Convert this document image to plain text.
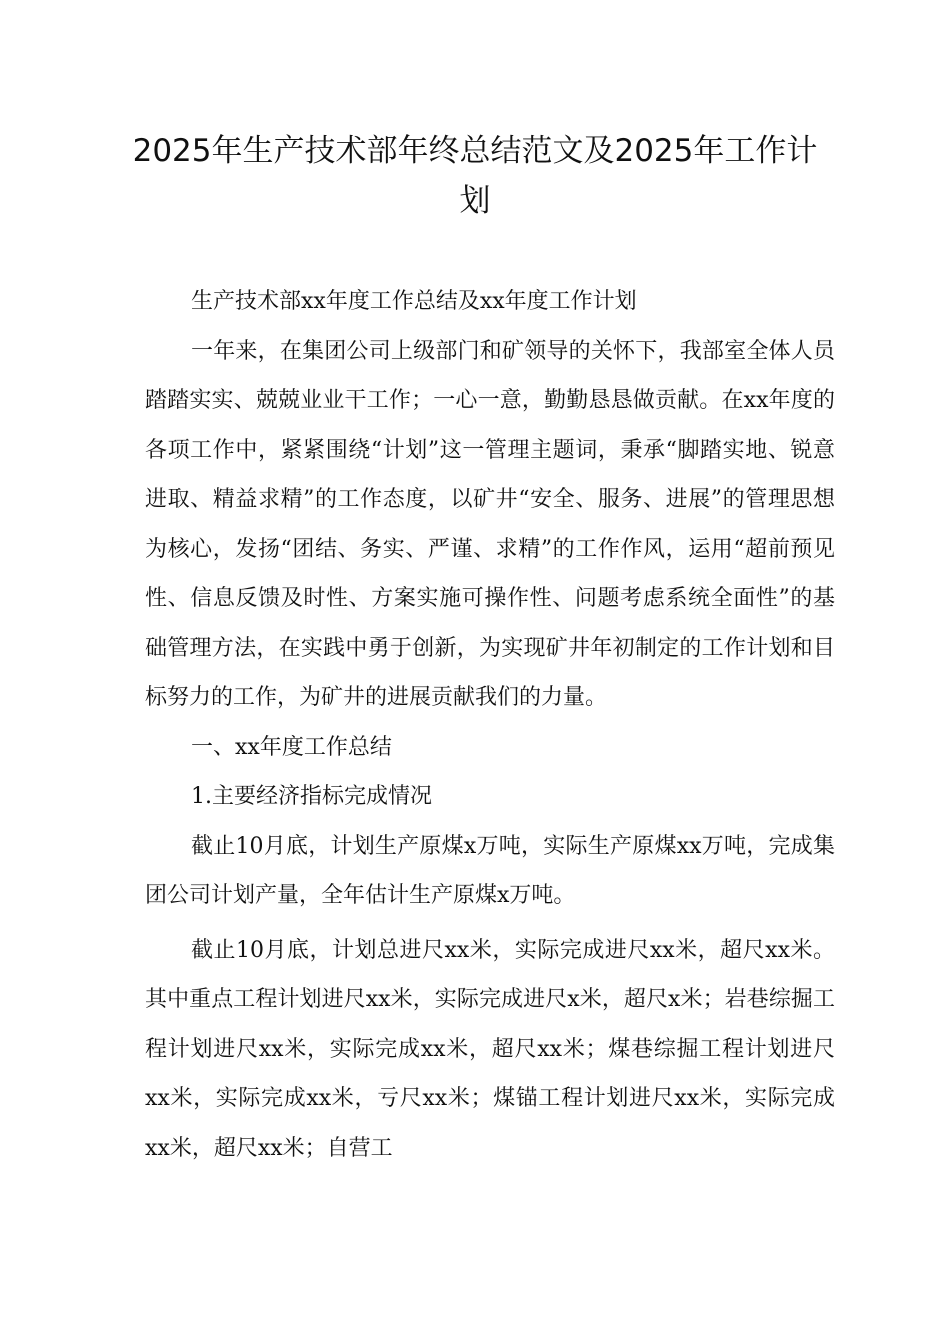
2025年生产技术部年终总结范文及2025年工作计划

生产技术部xx年度工作总结及xx年度工作计划

一年来，在集团公司上级部门和矿领导的关怀下，我部室全体人员踏踏实实、兢兢业业干工作；一心一意，勤勤恳恳做贡献。在xx年度的各项工作中，紧紧围绕“计划”这一管理主题词，秉承“脚踏实地、锐意进取、精益求精”的工作态度，以矿井“安全、服务、进展”的管理思想为核心，发扬“团结、务实、严谨、求精”的工作作风，运用“超前预见性、信息反馈及时性、方案实施可操作性、问题考虑系统全面性”的基础管理方法，在实践中勇于创新，为实现矿井年初制定的工作计划和目标努力的工作，为矿井的进展贡献我们的力量。

一、xx年度工作总结

1.主要经济指标完成情况

截止10月底，计划生产原煤x万吨，实际生产原煤xx万吨，完成集团公司计划产量，全年估计生产原煤x万吨。

截止10月底，计划总进尺xx米，实际完成进尺xx米，超尺xx米。其中重点工程计划进尺xx米，实际完成进尺x米，超尺x米；岩巷综掘工程计划进尺xx米，实际完成xx米，超尺xx米；煤巷综掘工程计划进尺xx米，实际完成xx米，亏尺xx米；煤锚工程计划进尺xx米，实际完成xx米，超尺xx米；自营工
